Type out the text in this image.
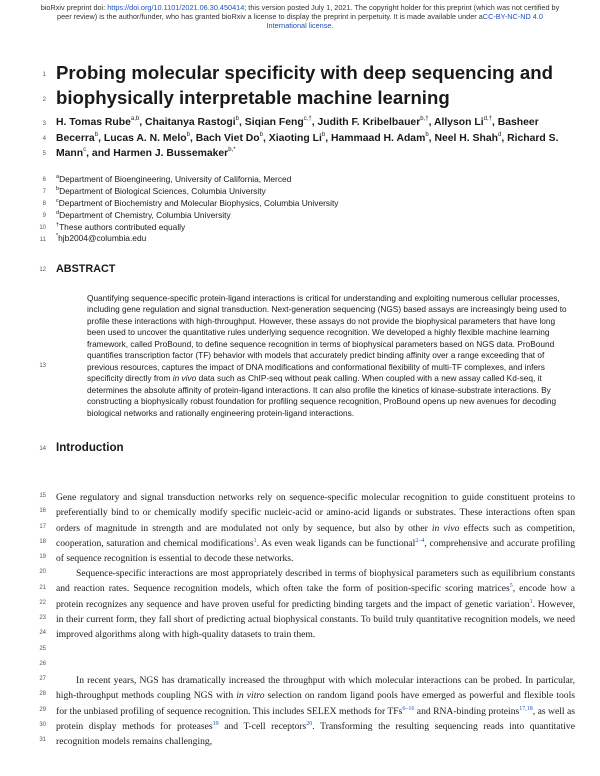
bioRxiv preprint doi: https://doi.org/10.1101/2021.06.30.450414; this version posted July 1, 2021. The copyright holder for this preprint (which was not certified by peer review) is the author/funder, who has granted bioRxiv a license to display the preprint in perpetuity. It is made available under aCC-BY-NC-ND 4.0 International license.
1
2
3
4
5
6
7
8
9
10
11
12
13
14
15
16
17
18
19
20
21
22
23
24
25
26
27
28
29
30
31
Probing molecular specificity with deep sequencing and biophysically interpretable machine learning
H. Tomas Rube$^{a,b}$, Chaitanya Rastogi$^b$, Siqian Feng$^{c,\dagger}$, Judith F. Kribelbauer$^{b,\dagger}$, Allyson $Li^{d,\dagger}$, Basheer Becerra$^b$, Lucas A. N. Melo$^b$, Bach Viet Do$^b$, Xiaoting Li$^b$, Hammaad H. Adam$^b$, Neel H. Shah$^d$, Richard S. Mann$^c$, and Harmen J. Bussemaker$^{b,*}$
$^a$Department of Bioengineering, University of California, Merced
$^b$Department of Biological Sciences, Columbia University
$^c$Department of Biochemistry and Molecular Biophysics, Columbia University
$^d$Department of Chemistry, Columbia University
†These authors contributed equally
*hjb2004@columbia.edu
ABSTRACT

Quantifying sequence-specific protein-ligand interactions is critical for understanding and exploiting numerous cellular processes, including gene regulation and signal transduction. Next-generation sequencing (NGS) based assays are increasingly being used to profile these interactions with high-throughput. However, these assays do not provide the biophysical parameters that have long been used to uncover the quantitative rules underlying sequence recognition. We developed a highly flexible machine learning framework, called ProBound, to define sequence recognition in terms of biophysical parameters based on NGS data. ProBound quantifies transcription factor (TF) behavior with models that accurately predict binding affinity over a range exceeding that of previous resources, captures the impact of DNA modifications and conformational flexibility of multi-TF complexes, and infers specificity directly from in vivo data such as ChIP-seq without peak calling. When coupled with a new assay called Kd-seq, it determines the absolute affinity of protein-ligand interactions. It can also profile the kinetics of kinase-substrate interactions. By constructing a biophysically robust foundation for profiling sequence recognition, ProBound opens up new avenues for decoding biological networks and rationally engineering protein-ligand interactions.

Introduction

Gene regulatory and signal transduction networks rely on sequence-specific molecular recognition to guide constituent proteins to preferentially bind to or chemically modify specific nucleic-acid or amino-acid ligands or substrates. These interactions often span orders of magnitude in strength and are modulated not only by sequence, but also by other in vivo effects such as competition, cooperation, saturation and chemical modifications$^1$. As even weak ligands can be functional$^{2-4}$, comprehensive and accurate profiling of sequence recognition is essential to decode these networks.

Sequence-specific interactions are most appropriately described in terms of biophysical parameters such as equilibrium constants and reaction rates. Sequence recognition models, which often take the form of position-specific scoring matrices$^5$, encode how a protein recognizes any sequence and have proven useful for predicting binding targets and the impact of genetic variation$^1$. However, in their current form, they fall short of predicting actual biophysical constants. To build truly quantitative recognition models, we need improved algorithms along with high-quality datasets to train them.

In recent years, NGS has dramatically increased the throughput with which molecular interactions can be probed. In particular, high-throughput methods coupling NGS with in vitro selection on random ligand pools have emerged as powerful and flexible tools for the unbiased profiling of sequence recognition. This includes SELEX methods for TFs$^{6-16}$ and RNA-binding proteins$^{17,18}$, as well as protein display methods for proteases$^{19}$ and T-cell receptors$^{20}$. Transforming the resulting sequencing reads into quantitative recognition models remains challenging,
